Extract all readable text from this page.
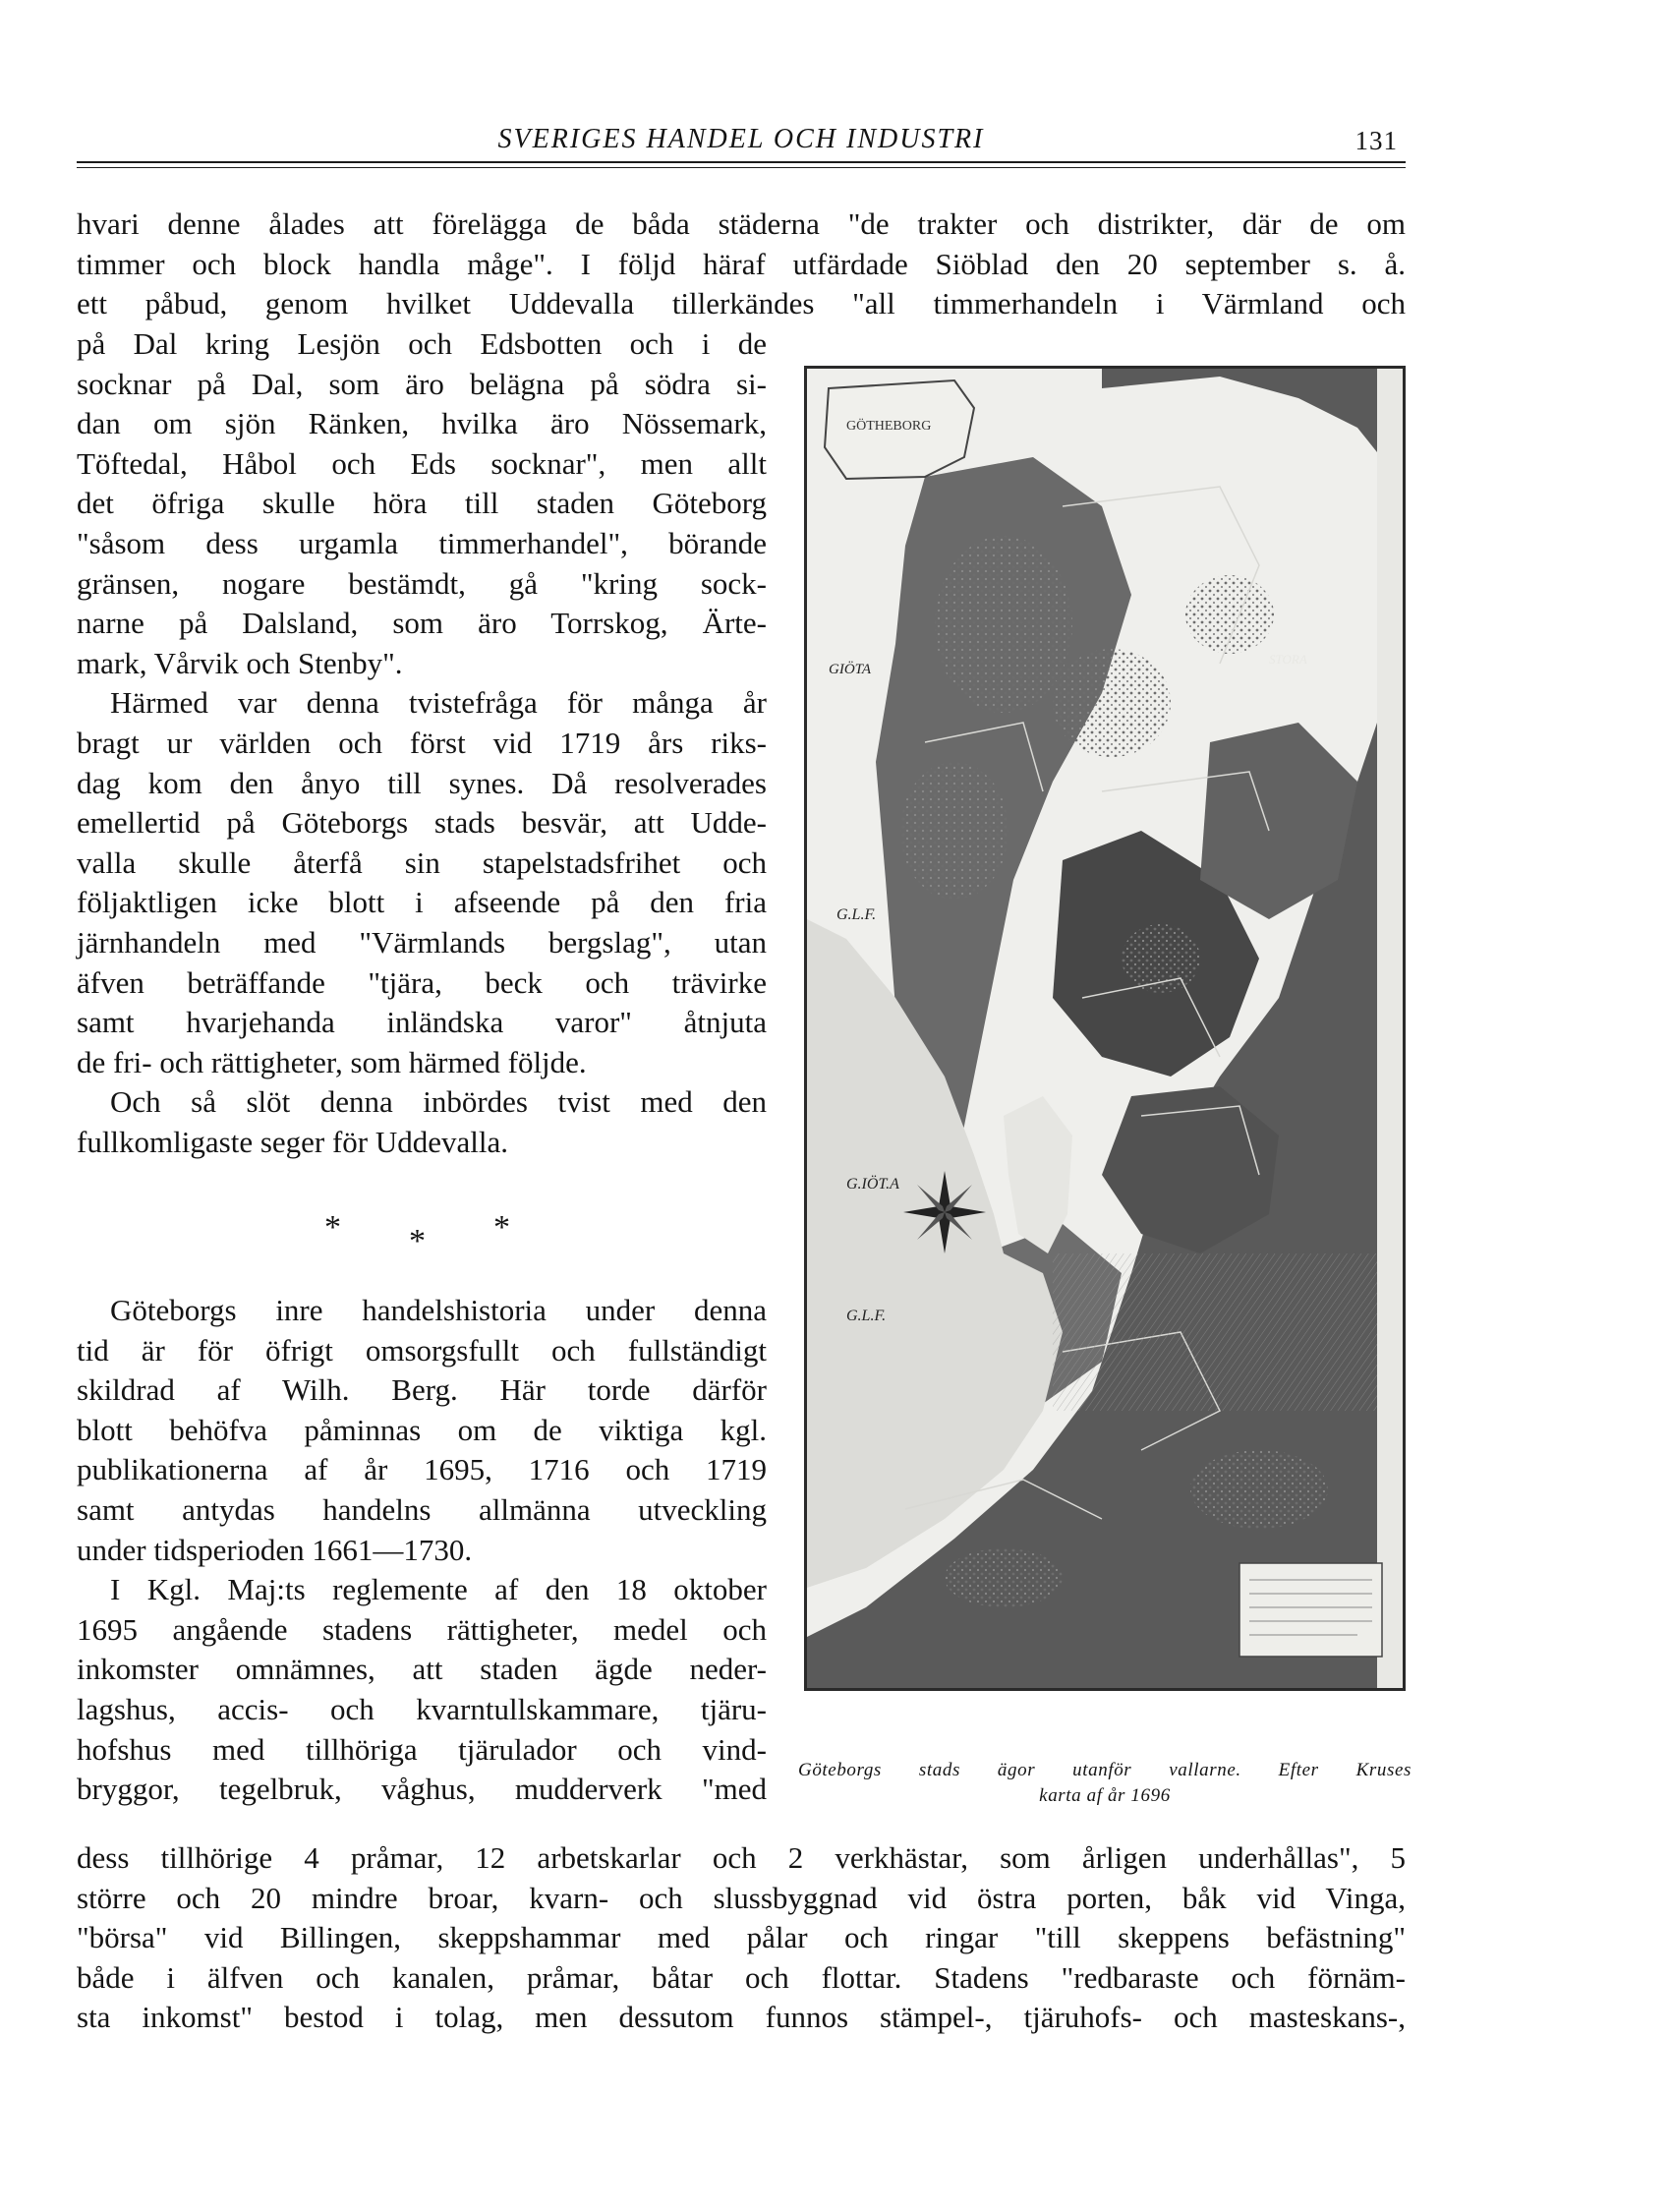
SVERIGES HANDEL OCH INDUSTRI	131
hvari denne ålades att förelägga de båda städerna "de trakter och distrikter, där de om
timmer och block handla måge". I följd häraf utfärdade Siöblad den 20 september s. å.
ett påbud, genom hvilket Uddevalla tillerkändes "all timmerhandeln i Värmland och
på Dal kring Lesjön och Edsbotten och i de
socknar på Dal, som äro belägna på södra si-
dan om sjön Ränken, hvilka äro Nössemark,
Töftedal, Håbol och Eds socknar", men allt
det öfriga skulle höra till staden Göteborg
"såsom dess urgamla timmerhandel", börande
gränsen, nogare bestämdt, gå "kring sock-
narne på Dalsland, som äro Torrskog, Ärte-
mark, Vårvik och Stenby".
Härmed var denna tvistefråga för många år
bragt ur världen och först vid 1719 års riks-
dag kom den ånyo till synes. Då resolverades
emellertid på Göteborgs stads besvär, att Udde-
valla skulle återfå sin stapelstadsfrihet och
följaktligen icke blott i afseende på den fria
järnhandeln med "Värmlands bergslag", utan
äfven beträffande "tjära, beck och trävirke
samt hvarjehanda inländska varor" åtnjuta
de fri- och rättigheter, som härmed följde.
Och så slöt denna inbördes tvist med den
fullkomligaste seger för Uddevalla.
* * *
Göteborgs inre handelshistoria under denna
tid är för öfrigt omsorgsfullt och fullständigt
skildrad af Wilh. Berg. Här torde därför
blott behöfva påminnas om de viktiga kgl.
publikationerna af år 1695, 1716 och 1719
samt antydas handelns allmänna utveckling
under tidsperioden 1661—1730.
I Kgl. Maj:ts reglemente af den 18 oktober
1695 angående stadens rättigheter, medel och
inkomster omnämnes, att staden ägde neder-
lagshus, accis- och kvarntullskammare, tjäru-
hofshus med tillhöriga tjärulador och vind-
bryggor, tegelbruk, våghus, mudderverk "med
GÖTHEBORG
GIÖTA
G.L.F.
G.IÖT.A
G.L.F.
STORA
Göteborgs stads ägor utanför vallarne. Efter Kruses
karta af år 1696
dess tillhörige 4 pråmar, 12 arbetskarlar och 2 verkhästar, som årligen underhållas", 5
större och 20 mindre broar, kvarn- och slussbyggnad vid östra porten, båk vid Vinga,
"börsa" vid Billingen, skeppshammar med pålar och ringar "till skeppens befästning"
både i älfven och kanalen, pråmar, båtar och flottar. Stadens "redbaraste och förnäm-
sta inkomst" bestod i tolag, men dessutom funnos stämpel-, tjäruhofs- och masteskans-,
